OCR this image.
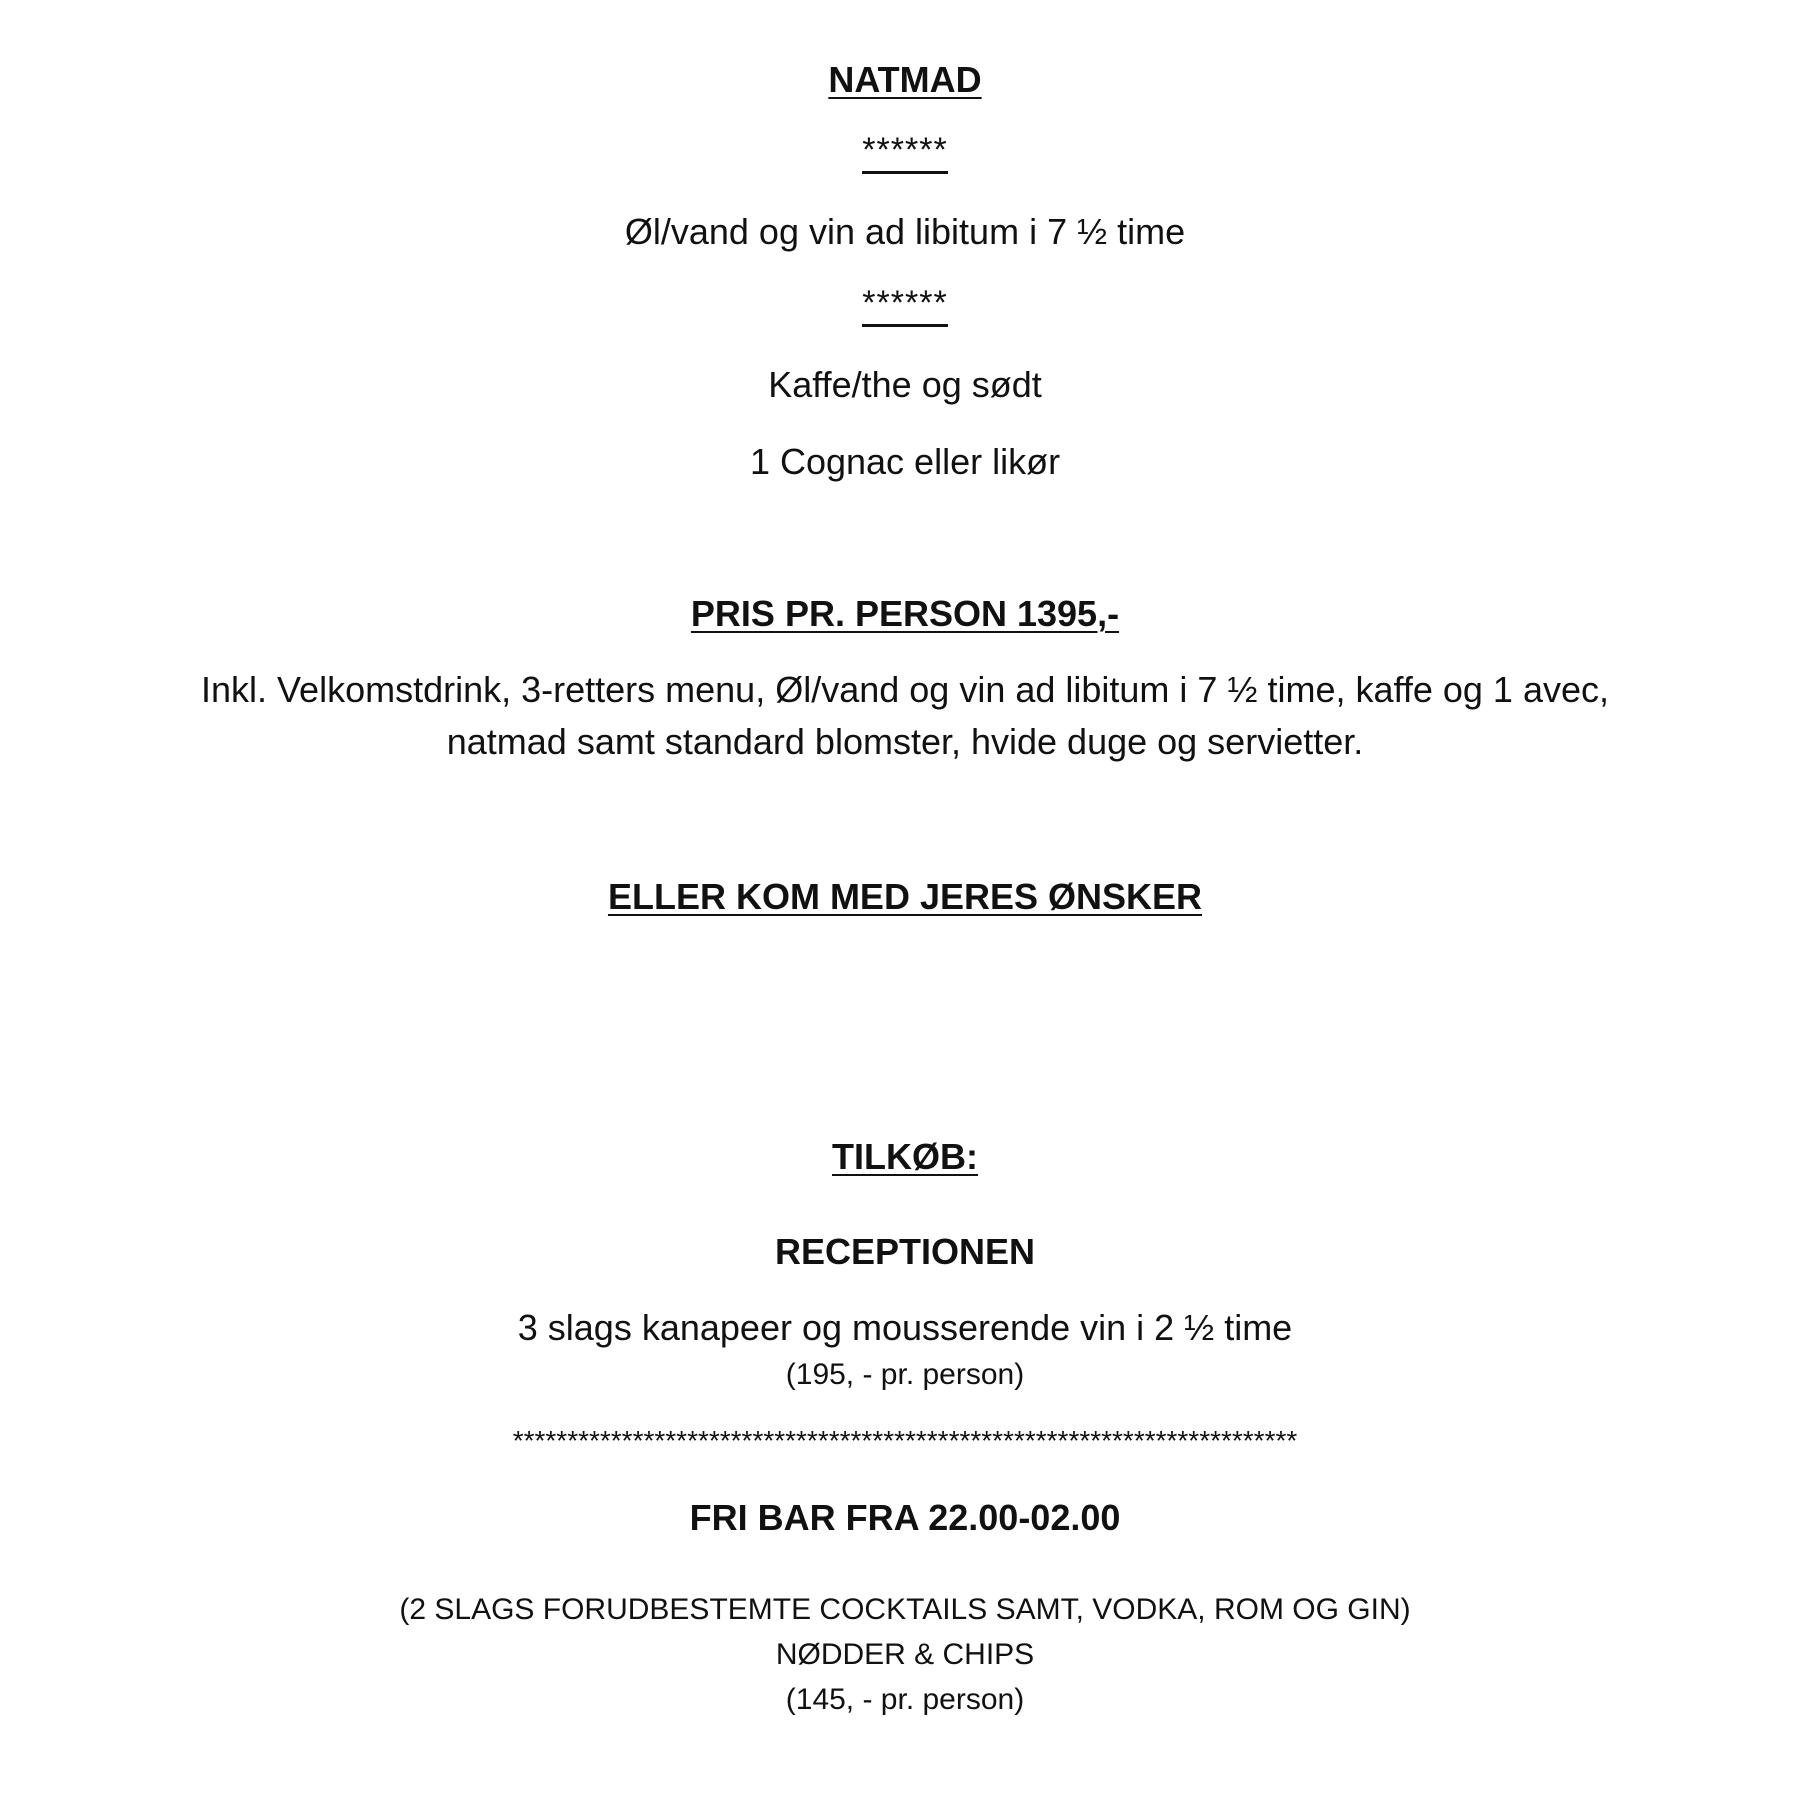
NATMAD
******
Øl/vand og vin ad libitum i 7 ½ time
******
Kaffe/the og sødt
1 Cognac eller likør
PRIS PR. PERSON 1395,-
Inkl. Velkomstdrink, 3-retters menu, Øl/vand og vin ad libitum i 7 ½ time, kaffe og 1 avec, natmad samt standard blomster, hvide duge og servietter.
ELLER KOM MED JERES ØNSKER
TILKØB:
RECEPTIONEN
3 slags kanapeer og mousserende vin i 2 ½ time
(195, - pr. person)
************************************************************************
FRI BAR FRA 22.00-02.00
(2 SLAGS FORUDBESTEMTE COCKTAILS SAMT, VODKA, ROM OG GIN)
NØDDER & CHIPS
(145, - pr. person)
